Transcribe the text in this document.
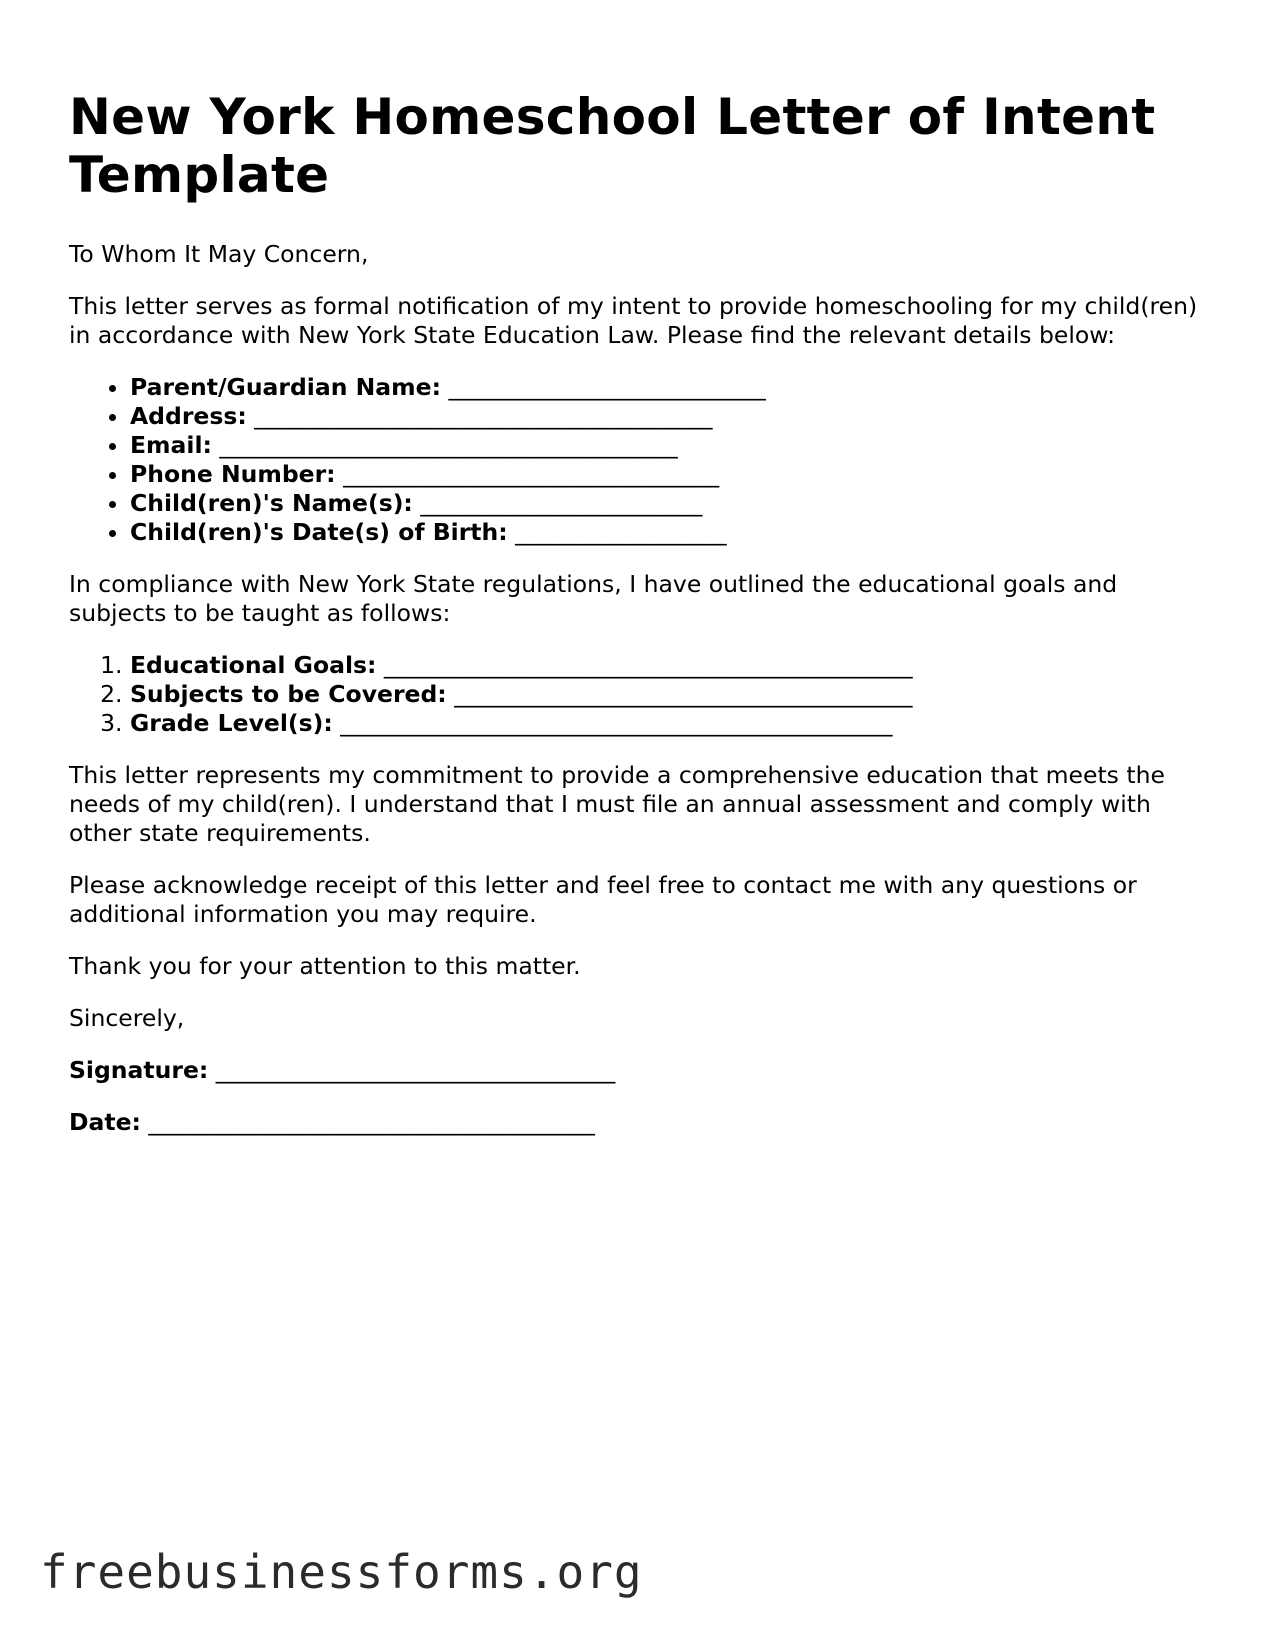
New York Homeschool Letter of Intent Template

To Whom It May Concern,

This letter serves as formal notification of my intent to provide homeschooling for my child(ren) in accordance with New York State Education Law. Please find the relevant details below:

• Parent/Guardian Name: ___________________________
• Address: _______________________________________
• Email: _______________________________________
• Phone Number: ________________________________
• Child(ren)'s Name(s): ________________________
• Child(ren)'s Date(s) of Birth: __________________

In compliance with New York State regulations, I have outlined the educational goals and subjects to be taught as follows:

1. Educational Goals: _____________________________________________
2. Subjects to be Covered: _______________________________________
3. Grade Level(s): _______________________________________________

This letter represents my commitment to provide a comprehensive education that meets the needs of my child(ren). I understand that I must file an annual assessment and comply with other state requirements.

Please acknowledge receipt of this letter and feel free to contact me with any questions or additional information you may require.

Thank you for your attention to this matter.

Sincerely,

Signature: __________________________________

Date: ______________________________________

freebusinessforms.org
